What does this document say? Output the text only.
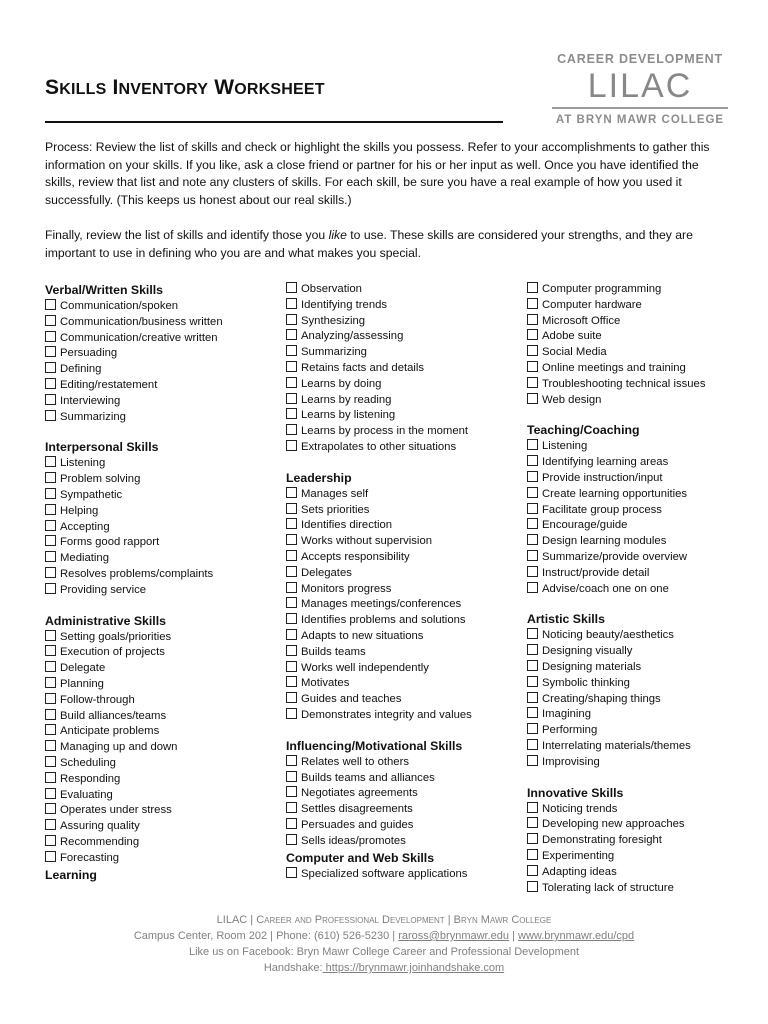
SKILLS INVENTORY WORKSHEET
CAREER DEVELOPMENT
LILAC
AT BRYN MAWR COLLEGE
Process: Review the list of skills and check or highlight the skills you possess. Refer to your accomplishments to gather this information on your skills. If you like, ask a close friend or partner for his or her input as well. Once you have identified the skills, review that list and note any clusters of skills. For each skill, be sure you have a real example of how you used it successfully. (This keeps us honest about our real skills.)
Finally, review the list of skills and identify those you like to use. These skills are considered your strengths, and they are important to use in defining who you are and what makes you special.
Verbal/Written Skills
Communication/spoken
Communication/business written
Communication/creative written
Persuading
Defining
Editing/restatement
Interviewing
Summarizing
Interpersonal Skills
Listening
Problem solving
Sympathetic
Helping
Accepting
Forms good rapport
Mediating
Resolves problems/complaints
Providing service
Administrative Skills
Setting goals/priorities
Execution of projects
Delegate
Planning
Follow-through
Build alliances/teams
Anticipate problems
Managing up and down
Scheduling
Responding
Evaluating
Operates under stress
Assuring quality
Recommending
Forecasting
Learning
Observation
Identifying trends
Synthesizing
Analyzing/assessing
Summarizing
Retains facts and details
Learns by doing
Learns by reading
Learns by listening
Learns by process in the moment
Extrapolates to other situations
Leadership
Manages self
Sets priorities
Identifies direction
Works without supervision
Accepts responsibility
Delegates
Monitors progress
Manages meetings/conferences
Identifies problems and solutions
Adapts to new situations
Builds teams
Works well independently
Motivates
Guides and teaches
Demonstrates integrity and values
Influencing/Motivational Skills
Relates well to others
Builds teams and alliances
Negotiates agreements
Settles disagreements
Persuades and guides
Sells ideas/promotes
Computer and Web Skills
Specialized software applications
Computer programming
Computer hardware
Microsoft Office
Adobe suite
Social Media
Online meetings and training
Troubleshooting technical issues
Web design
Teaching/Coaching
Listening
Identifying learning areas
Provide instruction/input
Create learning opportunities
Facilitate group process
Encourage/guide
Design learning modules
Summarize/provide overview
Instruct/provide detail
Advise/coach one on one
Artistic Skills
Noticing beauty/aesthetics
Designing visually
Designing materials
Symbolic thinking
Creating/shaping things
Imagining
Performing
Interrelating materials/themes
Improvising
Innovative Skills
Noticing trends
Developing new approaches
Demonstrating foresight
Experimenting
Adapting ideas
Tolerating lack of structure
LILAC | Career and Professional Development | Bryn Mawr College
Campus Center, Room 202 | Phone: (610) 526-5230 | raross@brynmawr.edu | www.brynmawr.edu/cpd
Like us on Facebook: Bryn Mawr College Career and Professional Development
Handshake: https://brynmawr.joinhandshake.com
